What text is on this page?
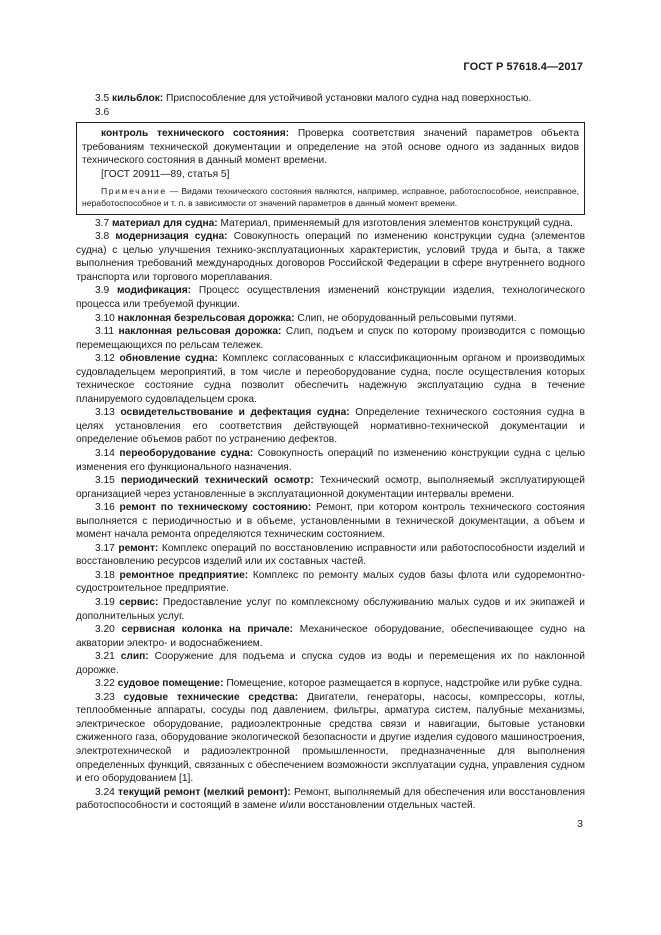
ГОСТ Р 57618.4—2017

3.5 кильблок: Приспособление для устойчивой установки малого судна над поверхностью.

3.6

контроль технического состояния: Проверка соответствия значений параметров объекта требованиям технической документации и определение на этой основе одного из заданных видов технического состояния в данный момент времени.

[ГОСТ 20911—89, статья 5]

Примечание — Видами технического состояния являются, например, исправное, работоспособное, неисправное, неработоспособное и т. п. в зависимости от значений параметров в данный момент времени.

3.7 материал для судна: Материал, применяемый для изготовления элементов конструкций судна.

3.8 модернизация судна: Совокупность операций по изменению конструкции судна (элементов судна) с целью улучшения технико-эксплуатационных характеристик, условий труда и быта, а также выполнения требований международных договоров Российской Федерации в сфере внутреннего водного транспорта или торгового мореплавания.

3.9 модификация: Процесс осуществления изменений конструкции изделия, технологического процесса или требуемой функции.

3.10 наклонная безрельсовая дорожка: Слип, не оборудованный рельсовыми путями.

3.11 наклонная рельсовая дорожка: Слип, подъем и спуск по которому производится с помощью перемещающихся по рельсам тележек.

3.12 обновление судна: Комплекс согласованных с классификационным органом и производимых судовладельцем мероприятий, в том числе и переоборудование судна, после осуществления которых техническое состояние судна позволит обеспечить надежную эксплуатацию судна в течение планируемого судовладельцем срока.

3.13 освидетельствование и дефектация судна: Определение технического состояния судна в целях установления его соответствия действующей нормативно-технической документации и определение объемов работ по устранению дефектов.

3.14 переоборудование судна: Совокупность операций по изменению конструкции судна с целью изменения его функционального назначения.

3.15 периодический технический осмотр: Технический осмотр, выполняемый эксплуатирующей организацией через установленные в эксплуатационной документации интервалы времени.

3.16 ремонт по техническому состоянию: Ремонт, при котором контроль технического состояния выполняется с периодичностью и в объеме, установленными в технической документации, а объем и момент начала ремонта определяются техническим состоянием.

3.17 ремонт: Комплекс операций по восстановлению исправности или работоспособности изделий и восстановлению ресурсов изделий или их составных частей.

3.18 ремонтное предприятие: Комплекс по ремонту малых судов базы флота или судоремонтно-судостроительное предприятие.

3.19 сервис: Предоставление услуг по комплексному обслуживанию малых судов и их экипажей и дополнительных услуг.

3.20 сервисная колонка на причале: Механическое оборудование, обеспечивающее судно на акватории электро- и водоснабжением.

3.21 слип: Сооружение для подъема и спуска судов из воды и перемещения их по наклонной дорожке.

3.22 судовое помещение: Помещение, которое размещается в корпусе, надстройке или рубке судна.

3.23 судовые технические средства: Двигатели, генераторы, насосы, компрессоры, котлы, теплообменные аппараты, сосуды под давлением, фильтры, арматура систем, палубные механизмы, электрическое оборудование, радиоэлектронные средства связи и навигации, бытовые установки сжиженного газа, оборудование экологической безопасности и другие изделия судового машиностроения, электротехнической и радиоэлектронной промышленности, предназначенные для выполнения определенных функций, связанных с обеспечением возможности эксплуатации судна, управления судном и его оборудованием [1].

3.24 текущий ремонт (мелкий ремонт): Ремонт, выполняемый для обеспечения или восстановления работоспособности и состоящий в замене и/или восстановлении отдельных частей.

3
